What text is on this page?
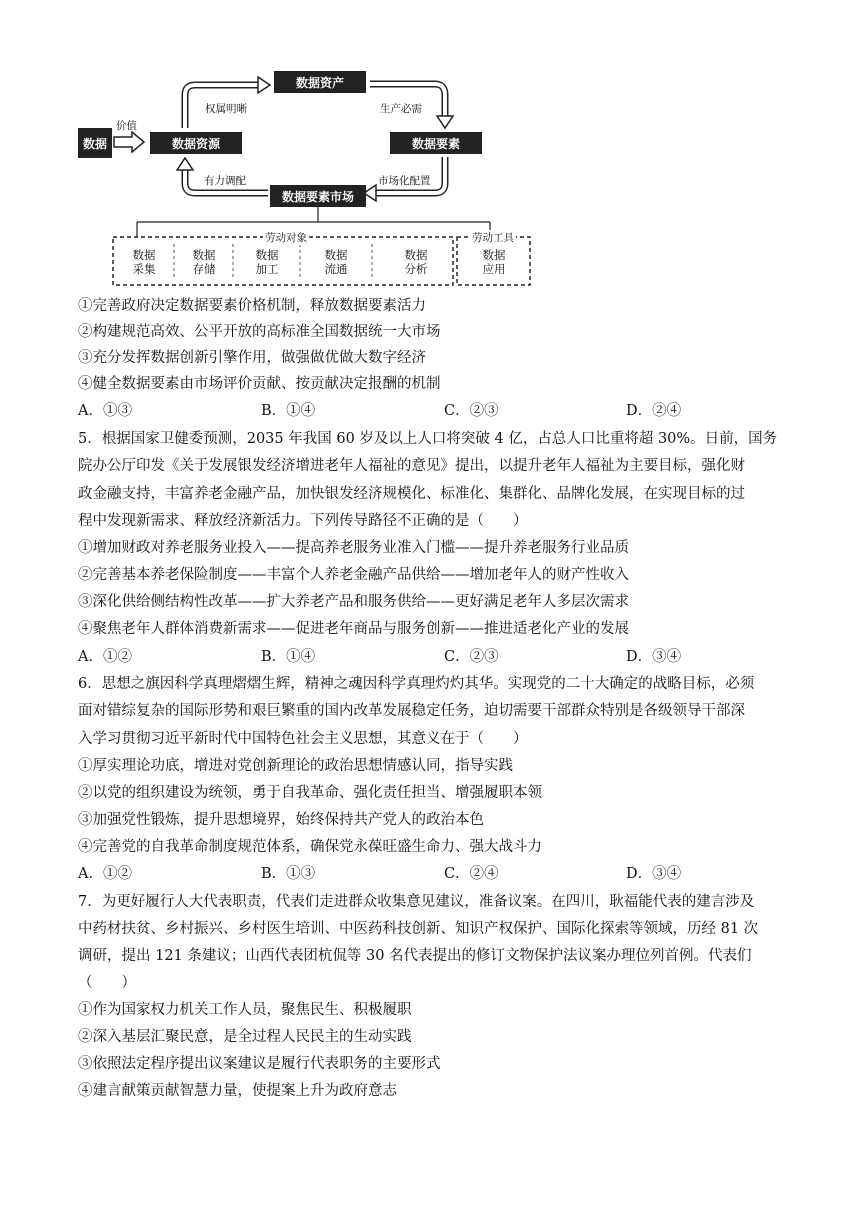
数据
价值
数据资源
数据资产
数据要素
数据要素市场
权属明晰	生产必需
市场化配置
有力调配
劳动对象	劳动工具
数据
采集
数据
存储
数据
加工
数据
流通
数据
分析
数据
应用
①完善政府决定数据要素价格机制，释放数据要素活力
②构建规范高效、公平开放的高标准全国数据统一大市场
③充分发挥数据创新引擎作用，做强做优做大数字经济
④健全数据要素由市场评价贡献、按贡献决定报酬的机制
A．①③	B．①④	C．②③	D．②④
5．根据国家卫健委预测，2035 年我国 60 岁及以上人口将突破 4 亿，占总人口比重将超 30%。日前，国务
院办公厅印发《关于发展银发经济增进老年人福祉的意见》提出，以提升老年人福祉为主要目标，强化财
政金融支持，丰富养老金融产品，加快银发经济规模化、标准化、集群化、品牌化发展，在实现目标的过
程中发现新需求、释放经济新活力。下列传导路径不正确的是（　　）
①增加财政对养老服务业投入——提高养老服务业准入门槛——提升养老服务行业品质
②完善基本养老保险制度——丰富个人养老金融产品供给——增加老年人的财产性收入
③深化供给侧结构性改革——扩大养老产品和服务供给——更好满足老年人多层次需求
④聚焦老年人群体消费新需求——促进老年商品与服务创新——推进适老化产业的发展
A．①②	B．①④	C．②③	D．③④
6．思想之旗因科学真理熠熠生辉，精神之魂因科学真理灼灼其华。实现党的二十大确定的战略目标，必须
面对错综复杂的国际形势和艰巨繁重的国内改革发展稳定任务，迫切需要干部群众特别是各级领导干部深
入学习贯彻习近平新时代中国特色社会主义思想，其意义在于（　　）
①厚实理论功底，增进对党创新理论的政治思想情感认同，指导实践
②以党的组织建设为统领，勇于自我革命、强化责任担当、增强履职本领
③加强党性锻炼，提升思想境界，始终保持共产党人的政治本色
④完善党的自我革命制度规范体系，确保党永葆旺盛生命力、强大战斗力
A．①②	B．①③	C．②④	D．③④
7．为更好履行人大代表职责，代表们走进群众收集意见建议，准备议案。在四川，耿福能代表的建言涉及
中药材扶贫、乡村振兴、乡村医生培训、中医药科技创新、知识产权保护、国际化探索等领域，历经 81 次
调研，提出 121 条建议；山西代表团杭侃等 30 名代表提出的修订文物保护法议案办理位列首例。代表们
（　　）
①作为国家权力机关工作人员，聚焦民生、积极履职
②深入基层汇聚民意，是全过程人民民主的生动实践
③依照法定程序提出议案建议是履行代表职务的主要形式
④建言献策贡献智慧力量，使提案上升为政府意志
